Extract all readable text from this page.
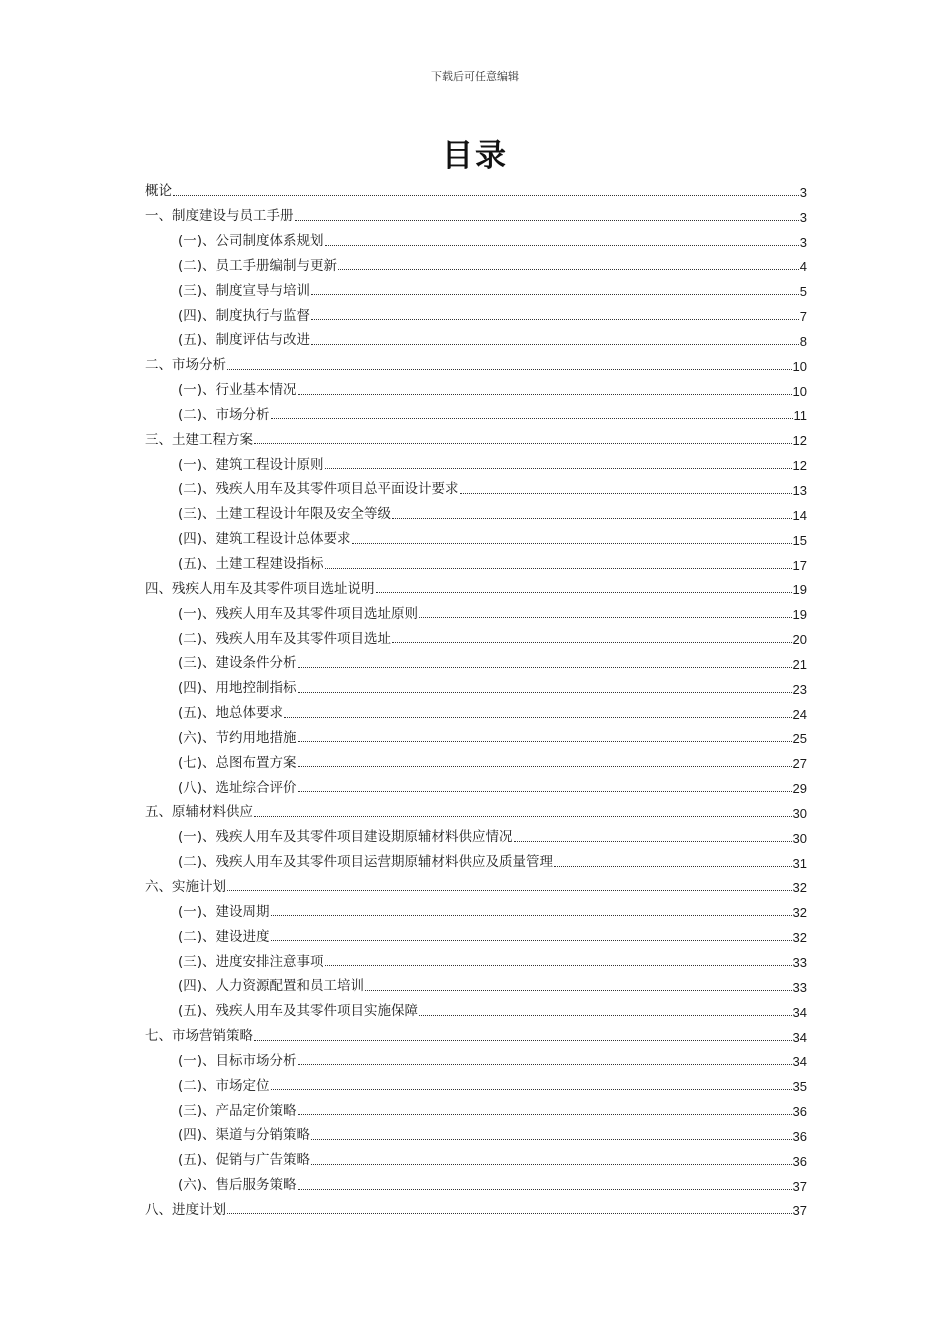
下载后可任意编辑
目录
概论	3
一、制度建设与员工手册	3
(一)、公司制度体系规划	3
(二)、员工手册编制与更新	4
(三)、制度宣导与培训	5
(四)、制度执行与监督	7
(五)、制度评估与改进	8
二、市场分析	10
(一)、行业基本情况	10
(二)、市场分析	11
三、土建工程方案	12
(一)、建筑工程设计原则	12
(二)、残疾人用车及其零件项目总平面设计要求	13
(三)、土建工程设计年限及安全等级	14
(四)、建筑工程设计总体要求	15
(五)、土建工程建设指标	17
四、残疾人用车及其零件项目选址说明	19
(一)、残疾人用车及其零件项目选址原则	19
(二)、残疾人用车及其零件项目选址	20
(三)、建设条件分析	21
(四)、用地控制指标	23
(五)、地总体要求	24
(六)、节约用地措施	25
(七)、总图布置方案	27
(八)、选址综合评价	29
五、原辅材料供应	30
(一)、残疾人用车及其零件项目建设期原辅材料供应情况	30
(二)、残疾人用车及其零件项目运营期原辅材料供应及质量管理	31
六、实施计划	32
(一)、建设周期	32
(二)、建设进度	32
(三)、进度安排注意事项	33
(四)、人力资源配置和员工培训	33
(五)、残疾人用车及其零件项目实施保障	34
七、市场营销策略	34
(一)、目标市场分析	34
(二)、市场定位	35
(三)、产品定价策略	36
(四)、渠道与分销策略	36
(五)、促销与广告策略	36
(六)、售后服务策略	37
八、进度计划	37
